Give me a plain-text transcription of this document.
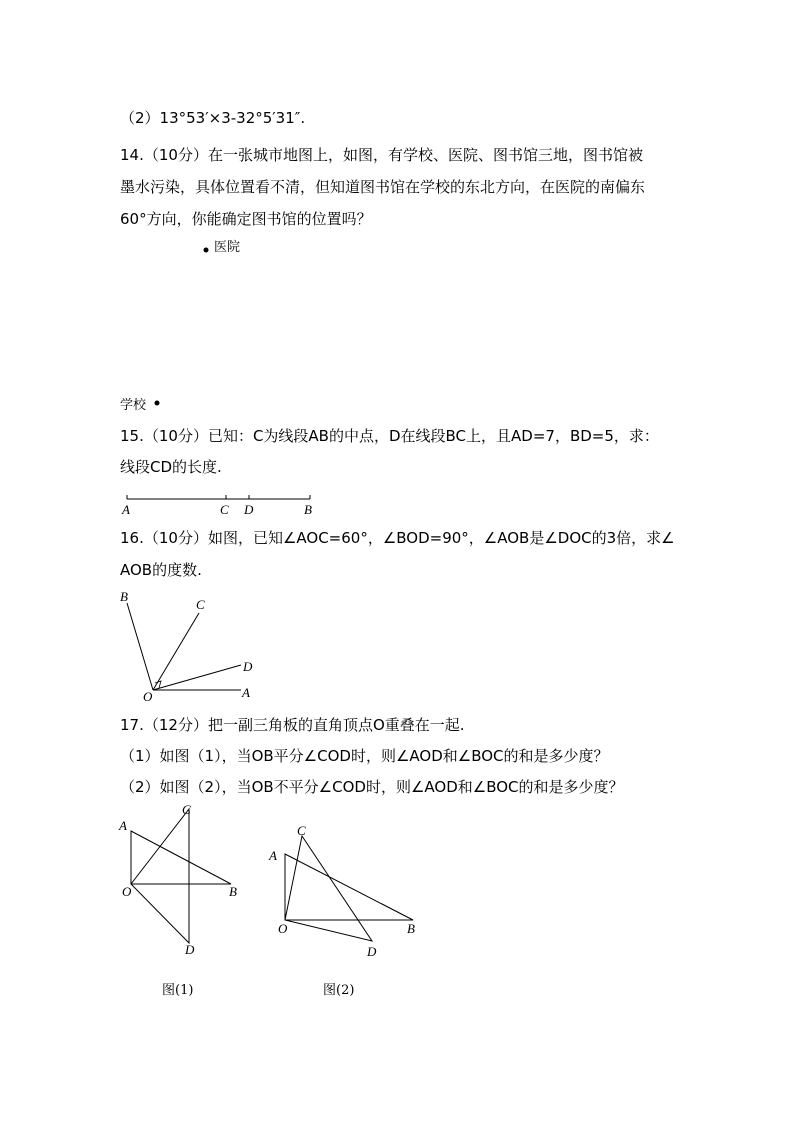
（2）13°53′×3-32°5′31″.
14.（10分）在一张城市地图上，如图，有学校、医院、图书馆三地，图书馆被
墨水污染，具体位置看不清，但知道图书馆在学校的东北方向，在医院的南偏东
60°方向，你能确定图书馆的位置吗？
医院
学校
15.（10分）已知：C为线段AB的中点，D在线段BC上，且AD=7，BD=5，求：
线段CD的长度.
A	C D	B
16.（10分）如图，已知∠AOC=60°，∠BOD=90°，∠AOB是∠DOC的3倍，求∠
AOB的度数.
B
C
D
O	A
17.（12分）把一副三角板的直角顶点O重叠在一起.
（1）如图（1），当OB平分∠COD时，则∠AOD和∠BOC的和是多少度？
（2）如图（2），当OB不平分∠COD时，则∠AOD和∠BOC的和是多少度？
A
C
O	B
D
图(1)
C
A
O	B
D
图(2)
